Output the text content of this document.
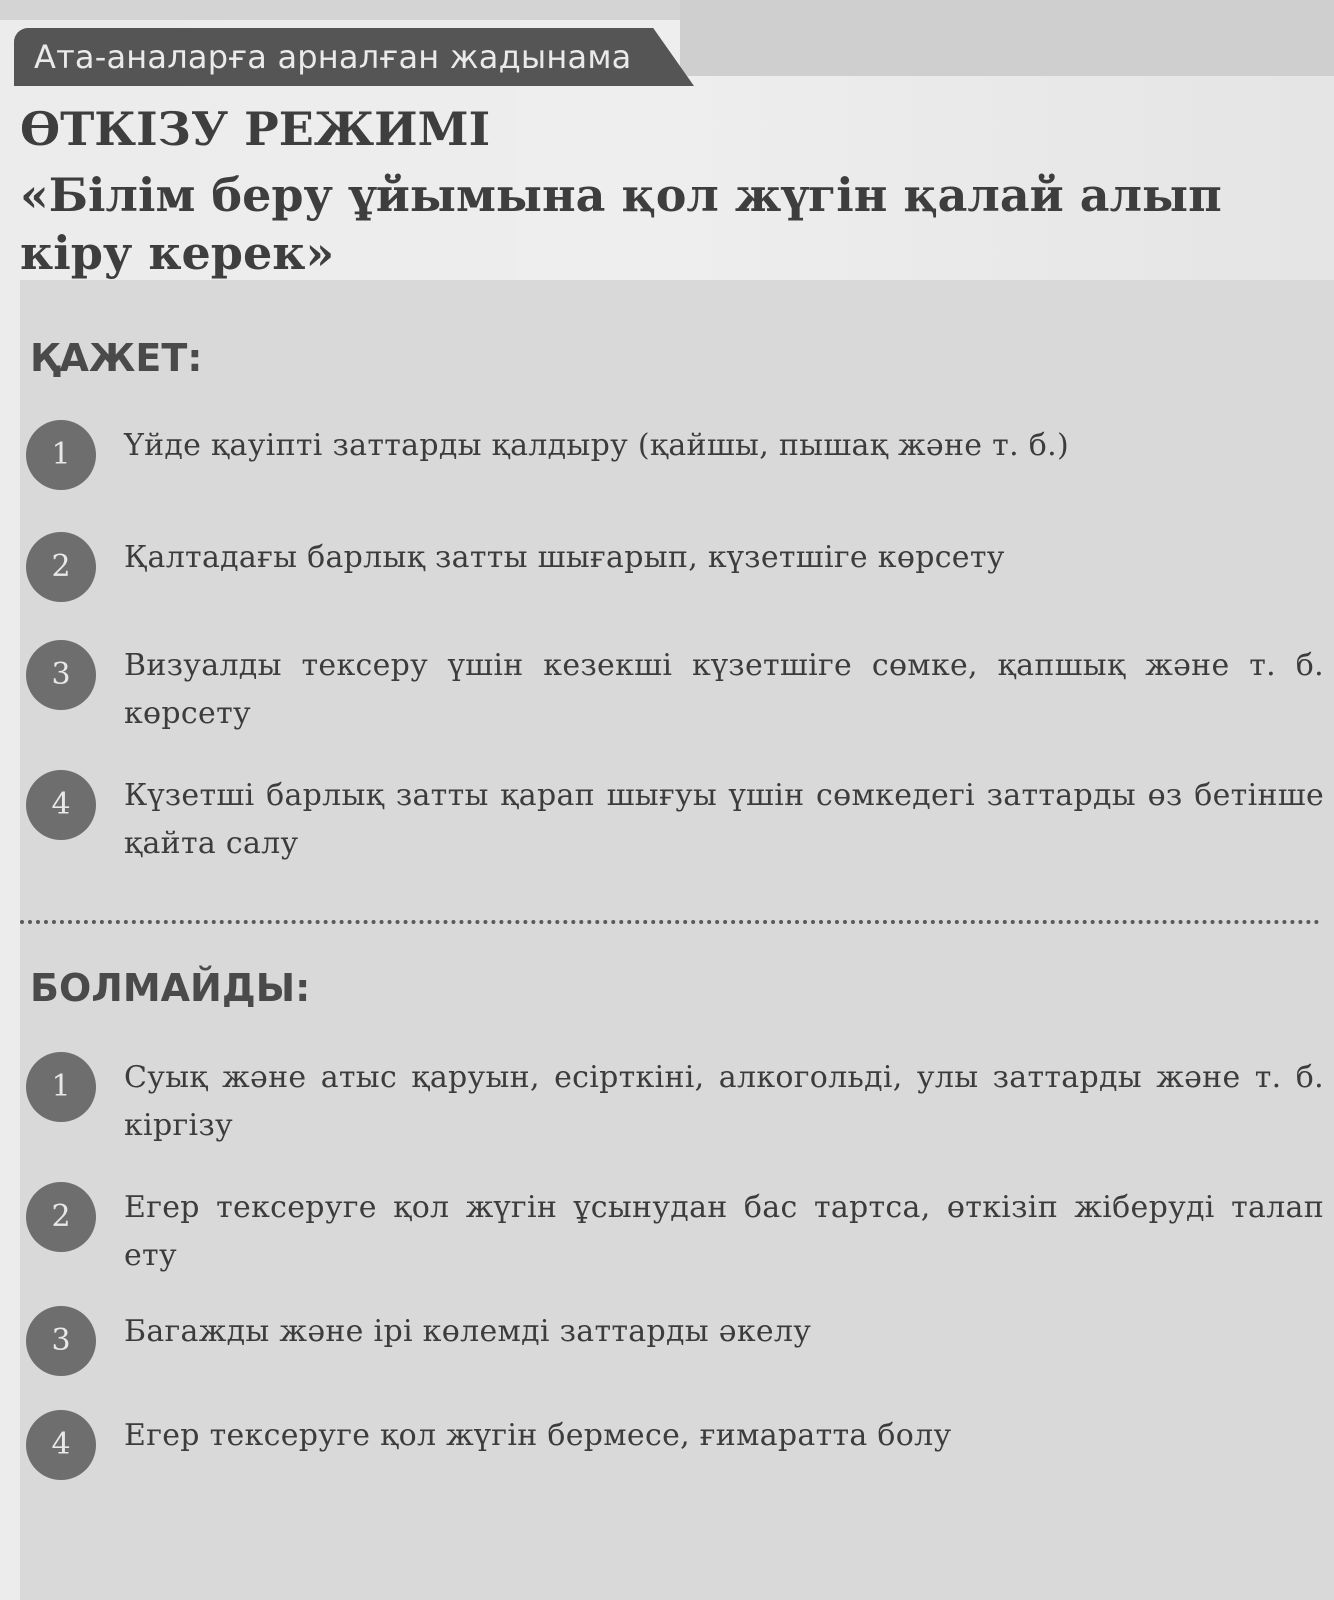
Ата-аналарға арналған жадынама
ӨТКІЗУ РЕЖИМІ
«Білім беру ұйымына қол жүгін қалай алып кіру керек»
ҚАЖЕТ:
1	Үйде қауіпті заттарды қалдыру (қайшы, пышақ және т. б.)
2	Қалтадағы барлық затты шығарып, күзетшіге көрсету
3	Визуалды тексеру үшін кезекші күзетшіге сөмке, қапшық және т. б. көрсету
4	Күзетші барлық затты қарап шығуы үшін сөмкедегі заттарды өз бетінше қайта салу
БОЛМАЙДЫ:
1	Суық және атыс қаруын, есірткіні, алкогольді, улы заттарды және т. б. кіргізу
2	Егер тексеруге қол жүгін ұсынудан бас тартса, өткізіп жіберуді талап ету
3	Багажды және ірі көлемді заттарды әкелу
4	Егер тексеруге қол жүгін бермесе, ғимаратта болу
